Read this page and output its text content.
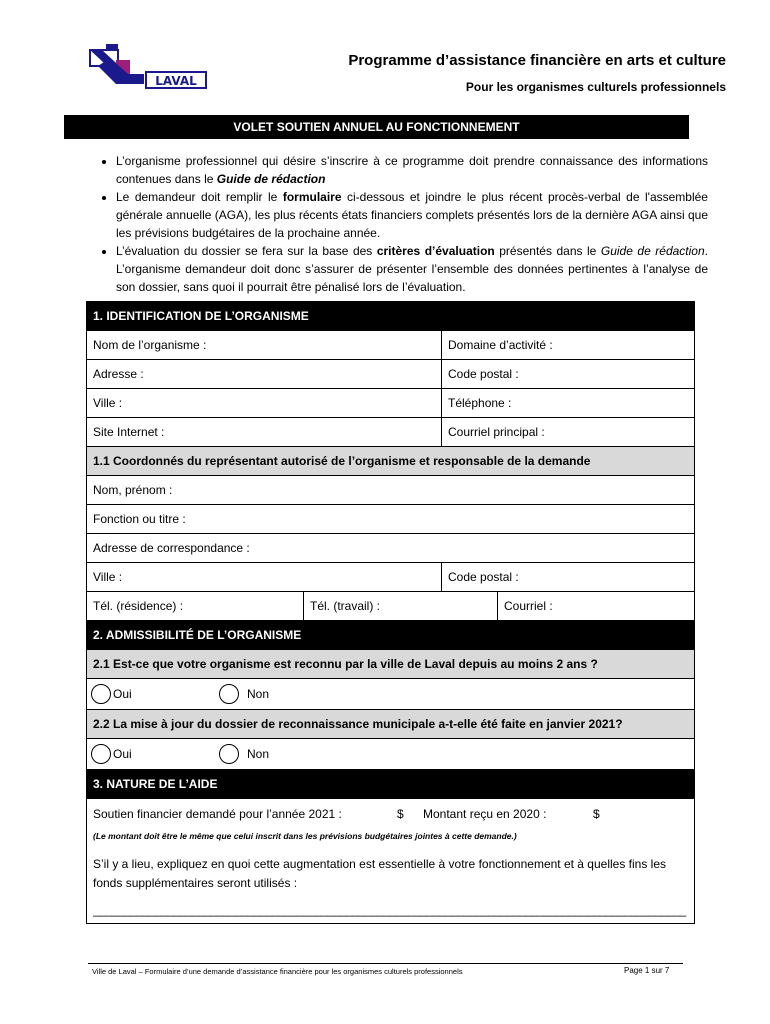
LAVAL
Programme d’assistance financière en arts et culture
Pour les organismes culturels professionnels
VOLET SOUTIEN ANNUEL AU FONCTIONNEMENT
• L’organisme professionnel qui désire s’inscrire à ce programme doit prendre connaissance des informations contenues dans le Guide de rédaction
• Le demandeur doit remplir le formulaire ci-dessous et joindre le plus récent procès-verbal de l'assemblée générale annuelle (AGA), les plus récents états financiers complets présentés lors de la dernière AGA ainsi que les prévisions budgétaires de la prochaine année.
• L’évaluation du dossier se fera sur la base des critères d’évaluation présentés dans le Guide de rédaction. L’organisme demandeur doit donc s’assurer de présenter l’ensemble des données pertinentes à l’analyse de son dossier, sans quoi il pourrait être pénalisé lors de l’évaluation.
1. IDENTIFICATION DE L’ORGANISME
Nom de l’organisme :	Domaine d’activité :
Adresse :	Code postal :
Ville :	Téléphone :
Site Internet :	Courriel principal :
1.1 Coordonnés du représentant autorisé de l’organisme et responsable de la demande
Nom, prénom :
Fonction ou titre :
Adresse de correspondance :
Ville :	Code postal :
Tél. (résidence) :	Tél. (travail) :	Courriel :
2. ADMISSIBILITÉ DE L’ORGANISME
2.1 Est-ce que votre organisme est reconnu par la ville de Laval depuis au moins 2 ans ?
Oui	Non
2.2 La mise à jour du dossier de reconnaissance municipale a-t-elle été faite en janvier 2021?
Oui	Non
3. NATURE DE L’AIDE
Soutien financier demandé pour l’année 2021 :	$ Montant reçu en 2020 :	$
(Le montant doit être le même que celui inscrit dans les prévisions budgétaires jointes à cette demande.)
S’il y a lieu, expliquez en quoi cette augmentation est essentielle à votre fonctionnement et à quelles fins les fonds supplémentaires seront utilisés :
________________________________________________________________________________________________
Ville de Laval – Formulaire d’une demande d’assistance financière pour les organismes culturels professionnels	Page 1 sur 7
